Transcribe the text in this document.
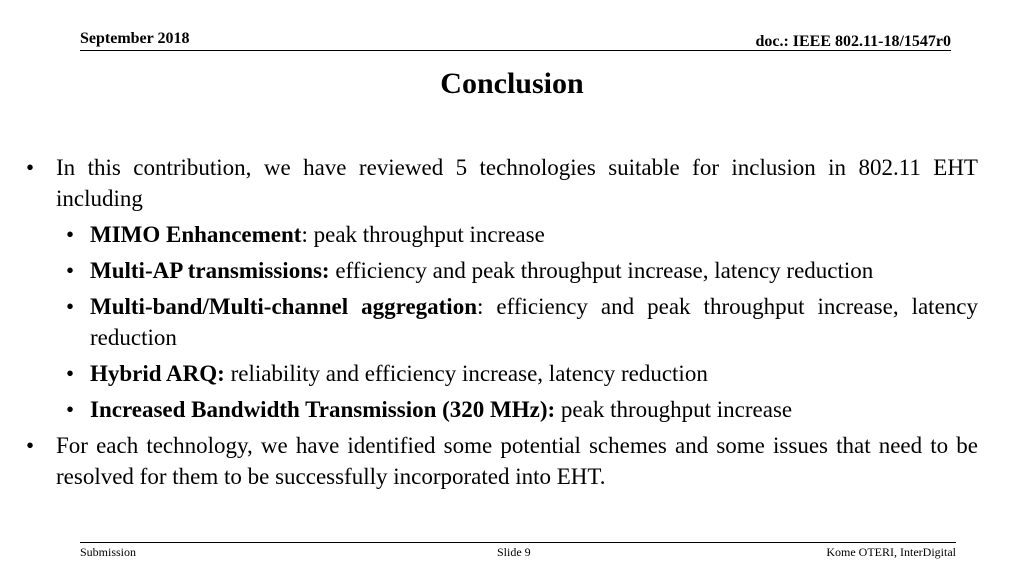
September 2018	doc.: IEEE 802.11-18/1547r0
Conclusion
• In this contribution, we have reviewed 5 technologies suitable for inclusion in 802.11 EHT including
• MIMO Enhancement: peak throughput increase
• Multi-AP transmissions: efficiency and peak throughput increase, latency reduction
• Multi-band/Multi-channel aggregation: efficiency and peak throughput increase, latency reduction
• Hybrid ARQ: reliability and efficiency increase, latency reduction
• Increased Bandwidth Transmission (320 MHz): peak throughput increase
• For each technology, we have identified some potential schemes and some issues that need to be resolved for them to be successfully incorporated into EHT.
Submission	Slide 9	Kome OTERI, InterDigital
